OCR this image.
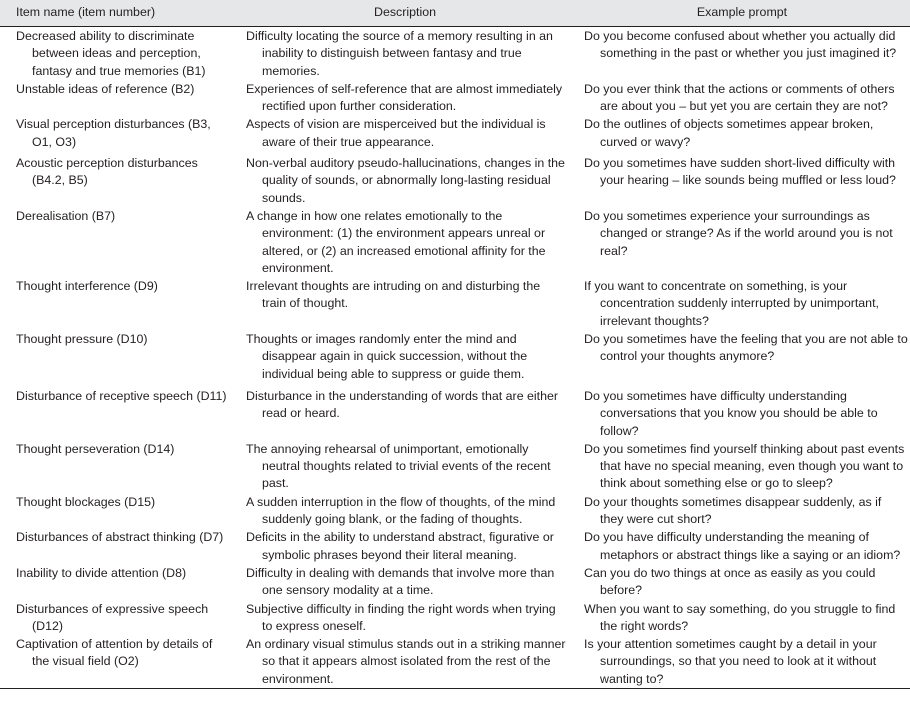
Item name (item number)	Description	Example prompt

Decreased ability to discriminate between ideas and perception, fantasy and true memories (B1)	Difficulty locating the source of a memory resulting in an inability to distinguish between fantasy and true memories.	Do you become confused about whether you actually did something in the past or whether you just imagined it?

Unstable ideas of reference (B2)	Experiences of self-reference that are almost immediately rectified upon further consideration.	Do you ever think that the actions or comments of others are about you – but yet you are certain they are not?

Visual perception disturbances (B3, O1, O3)	Aspects of vision are misperceived but the individual is aware of their true appearance.	Do the outlines of objects sometimes appear broken, curved or wavy?

Acoustic perception disturbances (B4.2, B5)	Non-verbal auditory pseudo-hallucinations, changes in the quality of sounds, or abnormally long-lasting residual sounds.	Do you sometimes have sudden short-lived difficulty with your hearing – like sounds being muffled or less loud?

Derealisation (B7)	A change in how one relates emotionally to the environment: (1) the environment appears unreal or altered, or (2) an increased emotional affinity for the environment.	Do you sometimes experience your surroundings as changed or strange? As if the world around you is not real?

Thought interference (D9)	Irrelevant thoughts are intruding on and disturbing the train of thought.	If you want to concentrate on something, is your concentration suddenly interrupted by unimportant, irrelevant thoughts?

Thought pressure (D10)	Thoughts or images randomly enter the mind and disappear again in quick succession, without the individual being able to suppress or guide them.	Do you sometimes have the feeling that you are not able to control your thoughts anymore?

Disturbance of receptive speech (D11)	Disturbance in the understanding of words that are either read or heard.	Do you sometimes have difficulty understanding conversations that you know you should be able to follow?

Thought perseveration (D14)	The annoying rehearsal of unimportant, emotionally neutral thoughts related to trivial events of the recent past.	Do you sometimes find yourself thinking about past events that have no special meaning, even though you want to think about something else or go to sleep?

Thought blockages (D15)	A sudden interruption in the flow of thoughts, of the mind suddenly going blank, or the fading of thoughts.	Do your thoughts sometimes disappear suddenly, as if they were cut short?

Disturbances of abstract thinking (D7)	Deficits in the ability to understand abstract, figurative or symbolic phrases beyond their literal meaning.	Do you have difficulty understanding the meaning of metaphors or abstract things like a saying or an idiom?

Inability to divide attention (D8)	Difficulty in dealing with demands that involve more than one sensory modality at a time.	Can you do two things at once as easily as you could before?

Disturbances of expressive speech (D12)	Subjective difficulty in finding the right words when trying to express oneself.	When you want to say something, do you struggle to find the right words?

Captivation of attention by details of the visual field (O2)	An ordinary visual stimulus stands out in a striking manner so that it appears almost isolated from the rest of the environment.	Is your attention sometimes caught by a detail in your surroundings, so that you need to look at it without wanting to?
